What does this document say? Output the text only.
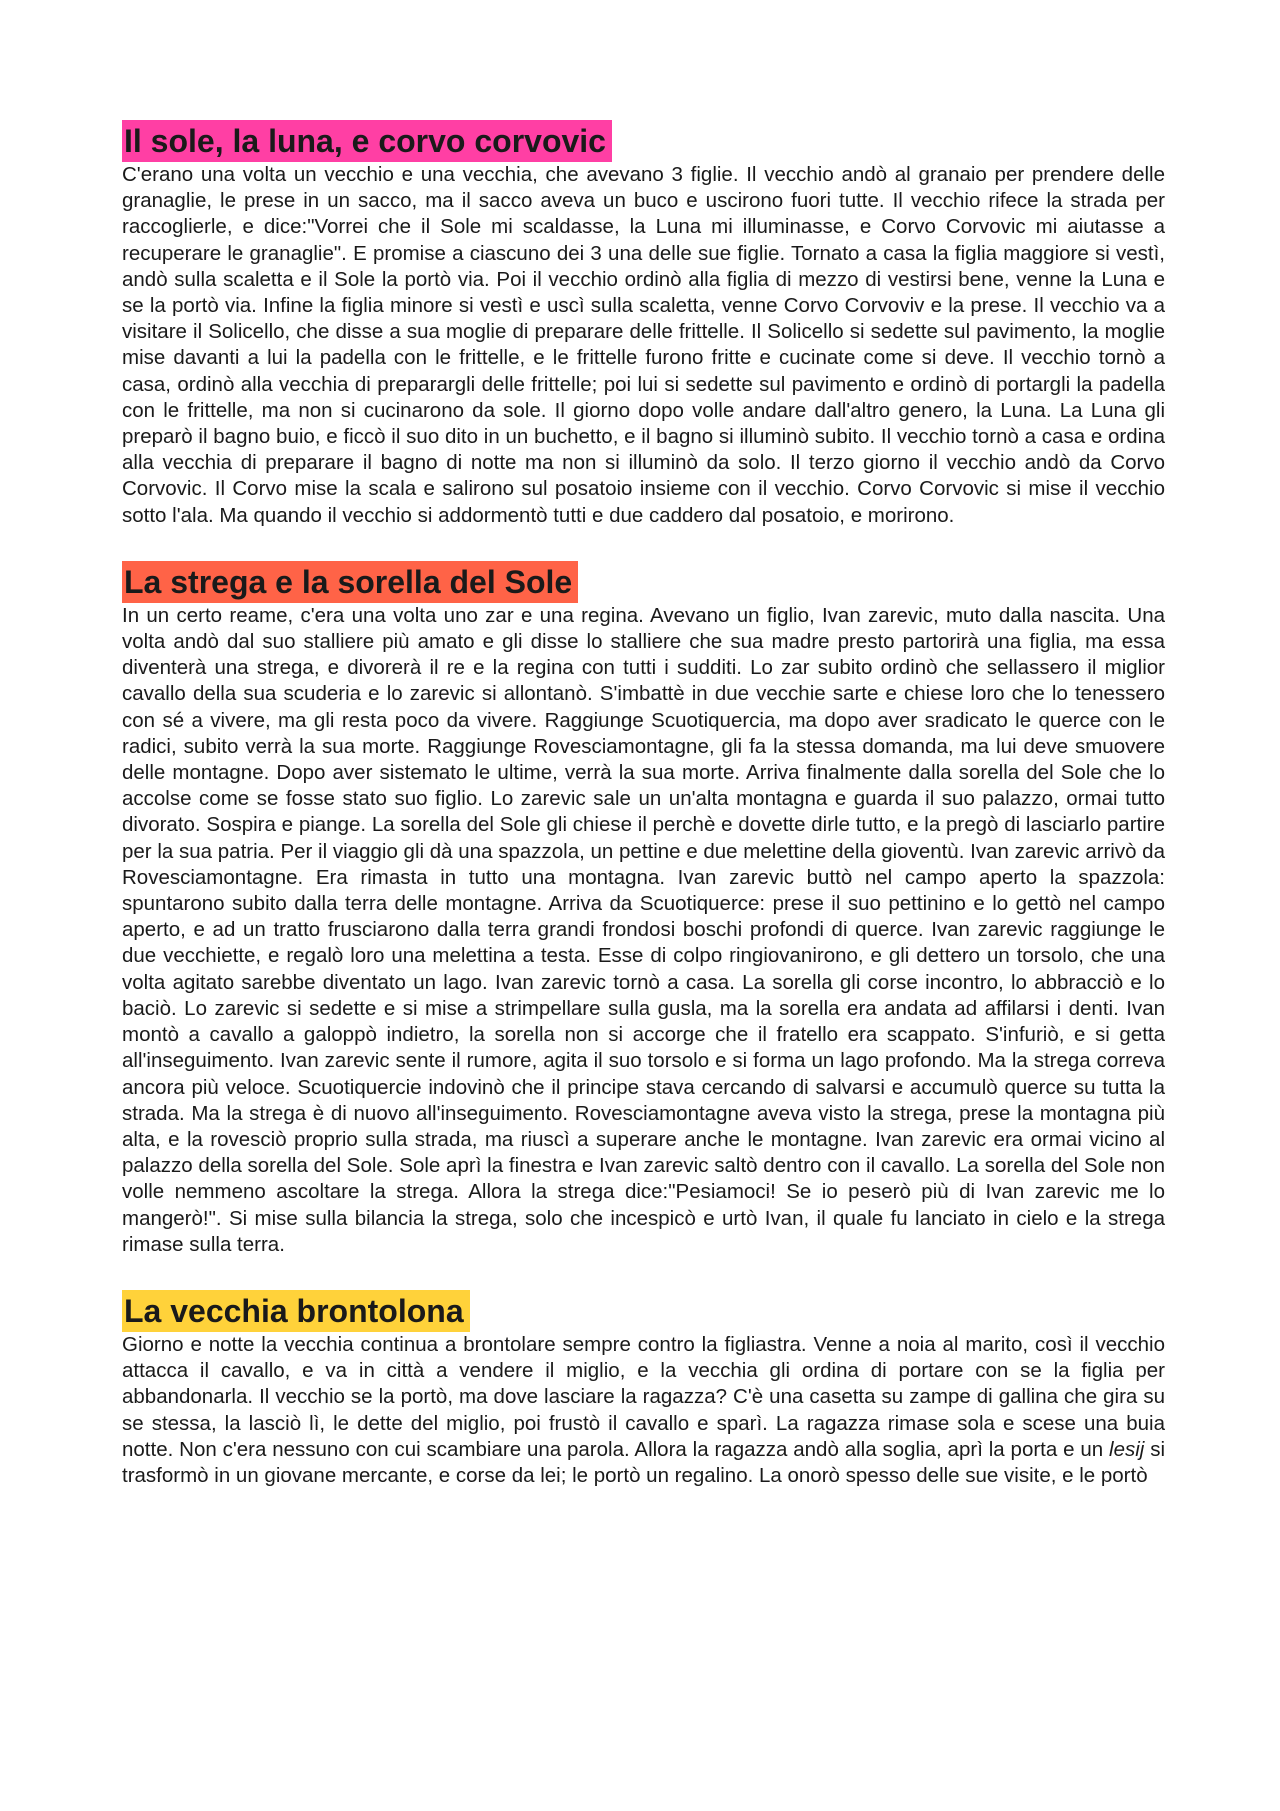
Il sole, la luna, e corvo corvovic

C'erano una volta un vecchio e una vecchia, che avevano 3 figlie. Il vecchio andò al granaio per prendere delle granaglie, le prese in un sacco, ma il sacco aveva un buco e uscirono fuori tutte. Il vecchio rifece la strada per raccoglierle, e dice:"Vorrei che il Sole mi scaldasse, la Luna mi illuminasse, e Corvo Corvovic mi aiutasse a recuperare le granaglie". E promise a ciascuno dei 3 una delle sue figlie. Tornato a casa la figlia maggiore si vestì, andò sulla scaletta e il Sole la portò via. Poi il vecchio ordinò alla figlia di mezzo di vestirsi bene, venne la Luna e se la portò via. Infine la figlia minore si vestì e uscì sulla scaletta, venne Corvo Corvoviv e la prese. Il vecchio va a visitare il Solicello, che disse a sua moglie di preparare delle frittelle. Il Solicello si sedette sul pavimento, la moglie mise davanti a lui la padella con le frittelle, e le frittelle furono fritte e cucinate come si deve. Il vecchio tornò a casa, ordinò alla vecchia di preparargli delle frittelle; poi lui si sedette sul pavimento e ordinò di portargli la padella con le frittelle, ma non si cucinarono da sole. Il giorno dopo volle andare dall'altro genero, la Luna. La Luna gli preparò il bagno buio, e ficcò il suo dito in un buchetto, e il bagno si illuminò subito. Il vecchio tornò a casa e ordina alla vecchia di preparare il bagno di notte ma non si illuminò da solo. Il terzo giorno il vecchio andò da Corvo Corvovic. Il Corvo mise la scala e salirono sul posatoio insieme con il vecchio. Corvo Corvovic si mise il vecchio sotto l'ala. Ma quando il vecchio si addormentò tutti e due caddero dal posatoio, e morirono.

La strega e la sorella del Sole

In un certo reame, c'era una volta uno zar e una regina. Avevano un figlio, Ivan zarevic, muto dalla nascita. Una volta andò dal suo stalliere più amato e gli disse lo stalliere che sua madre presto partorirà una figlia, ma essa diventerà una strega, e divorerà il re e la regina con tutti i sudditi. Lo zar subito ordinò che sellassero il miglior cavallo della sua scuderia e lo zarevic si allontanò. S'imbattè in due vecchie sarte e chiese loro che lo tenessero con sé a vivere, ma gli resta poco da vivere. Raggiunge Scuotiquercia, ma dopo aver sradicato le querce con le radici, subito verrà la sua morte. Raggiunge Rovesciamontagne, gli fa la stessa domanda, ma lui deve smuovere delle montagne. Dopo aver sistemato le ultime, verrà la sua morte. Arriva finalmente dalla sorella del Sole che lo accolse come se fosse stato suo figlio. Lo zarevic sale un un'alta montagna e guarda il suo palazzo, ormai tutto divorato. Sospira e piange. La sorella del Sole gli chiese il perchè e dovette dirle tutto, e la pregò di lasciarlo partire per la sua patria. Per il viaggio gli dà una spazzola, un pettine e due melettine della gioventù. Ivan zarevic arrivò da Rovesciamontagne. Era rimasta in tutto una montagna. Ivan zarevic buttò nel campo aperto la spazzola: spuntarono subito dalla terra delle montagne. Arriva da Scuotiquerce: prese il suo pettinino e lo gettò nel campo aperto, e ad un tratto frusciarono dalla terra grandi frondosi boschi profondi di querce. Ivan zarevic raggiunge le due vecchiette, e regalò loro una melettina a testa. Esse di colpo ringiovanirono, e gli dettero un torsolo, che una volta agitato sarebbe diventato un lago. Ivan zarevic tornò a casa. La sorella gli corse incontro, lo abbracciò e lo baciò. Lo zarevic si sedette e si mise a strimpellare sulla gusla, ma la sorella era andata ad affilarsi i denti. Ivan montò a cavallo a galoppò indietro, la sorella non si accorge che il fratello era scappato. S'infuriò, e si getta all'inseguimento. Ivan zarevic sente il rumore, agita il suo torsolo e si forma un lago profondo. Ma la strega correva ancora più veloce. Scuotiquercie indovinò che il principe stava cercando di salvarsi e accumulò querce su tutta la strada. Ma la strega è di nuovo all'inseguimento. Rovesciamontagne aveva visto la strega, prese la montagna più alta, e la rovesciò proprio sulla strada, ma riuscì a superare anche le montagne. Ivan zarevic era ormai vicino al palazzo della sorella del Sole. Sole aprì la finestra e Ivan zarevic saltò dentro con il cavallo. La sorella del Sole non volle nemmeno ascoltare la strega. Allora la strega dice:"Pesiamoci! Se io peserò più di Ivan zarevic me lo mangerò!". Si mise sulla bilancia la strega, solo che incespicò e urtò Ivan, il quale fu lanciato in cielo e la strega rimase sulla terra.

La vecchia brontolona

Giorno e notte la vecchia continua a brontolare sempre contro la figliastra. Venne a noia al marito, così il vecchio attacca il cavallo, e va in città a vendere il miglio, e la vecchia gli ordina di portare con se la figlia per abbandonarla. Il vecchio se la portò, ma dove lasciare la ragazza? C'è una casetta su zampe di gallina che gira su se stessa, la lasciò lì, le dette del miglio, poi frustò il cavallo e sparì. La ragazza rimase sola e scese una buia notte. Non c'era nessuno con cui scambiare una parola. Allora la ragazza andò alla soglia, aprì la porta e un lesij si trasformò in un giovane mercante, e corse da lei; le portò un regalino. La onorò spesso delle sue visite, e le portò
